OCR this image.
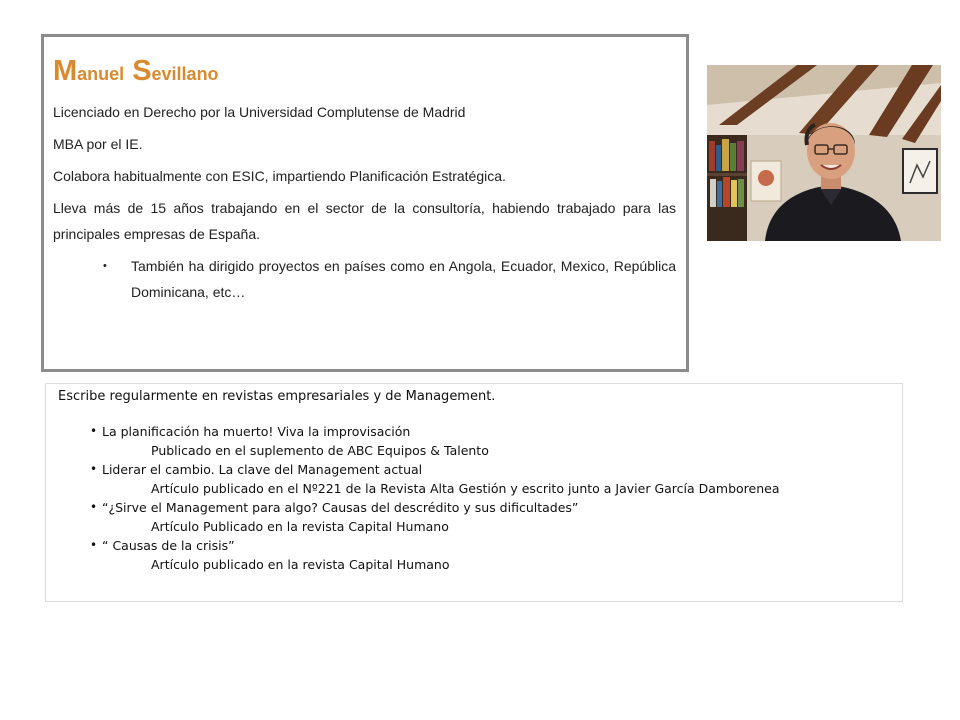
Manuel Sevillano

Licenciado en Derecho por la Universidad Complutense de Madrid

MBA por el IE.

Colabora habitualmente con ESIC, impartiendo Planificación Estratégica.

Lleva más de 15 años trabajando en el sector de la consultoría, habiendo trabajado para las principales empresas de España.

• También ha dirigido proyectos en países como en Angola, Ecuador, Mexico, República Dominicana, etc…

Escribe regularmente en revistas empresariales y de Management.

• La planificación ha muerto! Viva la improvisación
Publicado en el suplemento de ABC Equipos & Talento
• Liderar el cambio. La clave del Management actual
Artículo publicado en el Nº221 de la Revista Alta Gestión y escrito junto a Javier García Damborenea
• “¿Sirve el Management para algo? Causas del descrédito y sus dificultades”
Artículo Publicado en la revista Capital Humano
• “ Causas de la crisis”
Artículo publicado en la revista Capital Humano
